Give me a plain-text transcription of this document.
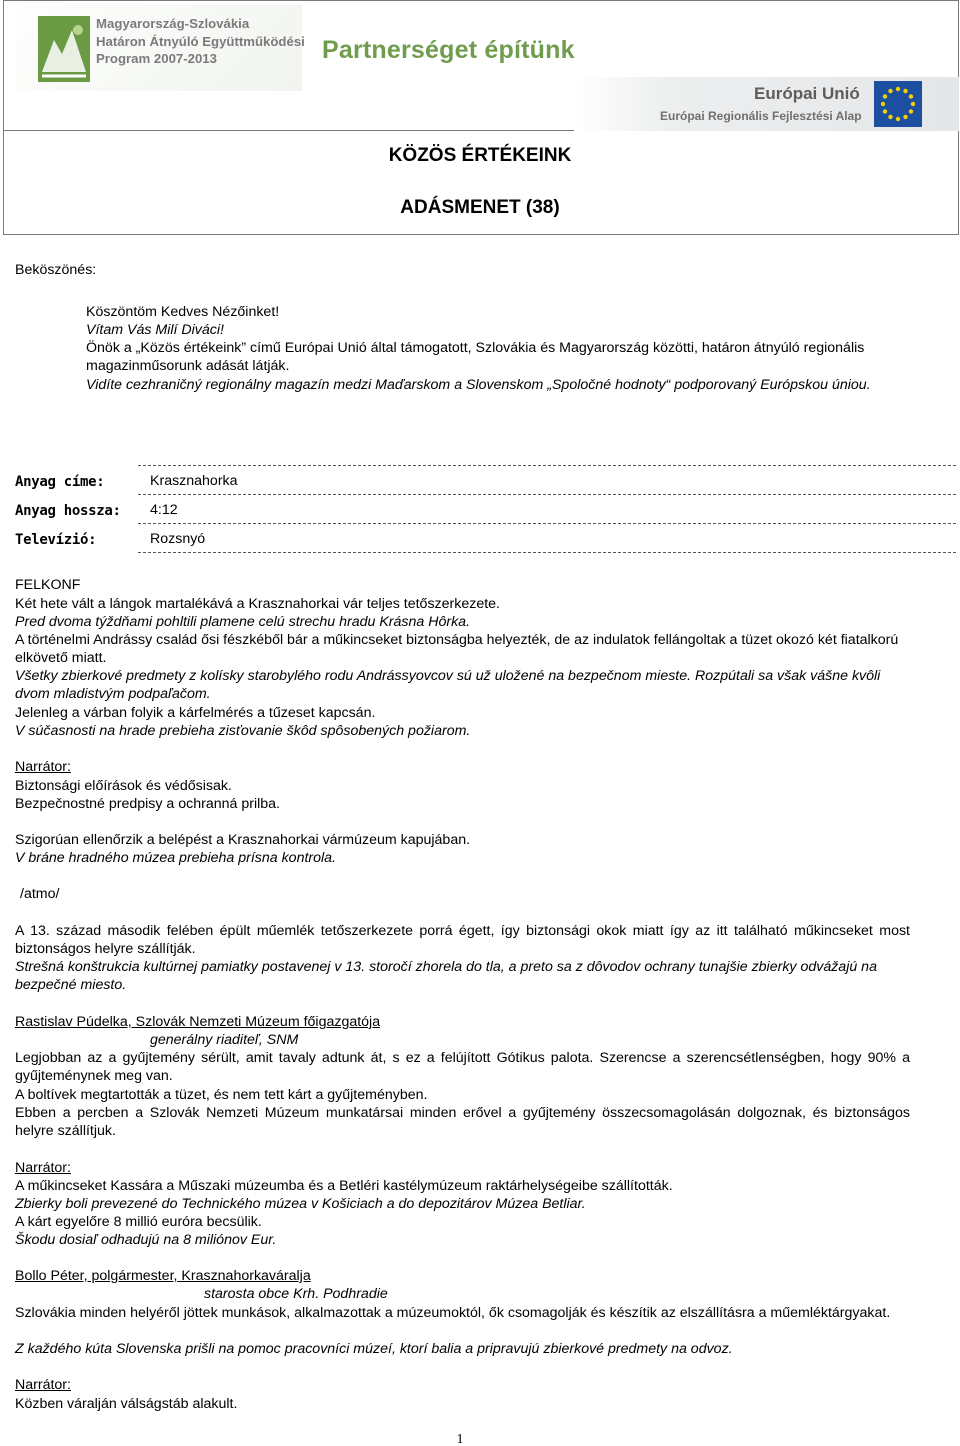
Magyarország-Szlovákia
Határon Átnyúló Együttműködési
Program 2007-2013	Partnerséget építünk
Európai Unió
Európai Regionális Fejlesztési Alap
KÖZÖS ÉRTÉKEINK
ADÁSMENET (38)
Beköszönés:
Köszöntöm Kedves Nézőinket!
Vítam Vás Milí Diváci!
Önök a „Közös értékeink” című Európai Unió által támogatott, Szlovákia és Magyarország közötti, határon átnyúló regionális magazinműsorunk adását látják.
Vidíte cezhraničný regionálny magazín medzi Maďarskom a Slovenskom „Spoločné hodnoty“ podporovaný Európskou úniou.
Anyag címe:	Krasznahorka
Anyag hossza: 4:12
Televízió:	Rozsnyó
FELKONF
Két hete vált a lángok martalékává a Krasznahorkai vár teljes tetőszerkezete.
Pred dvoma týždňami pohltili plamene celú strechu hradu Krásna Hôrka.
A történelmi Andrássy család ősi fészkéből bár a műkincseket biztonságba helyezték, de az indulatok fellángoltak a tüzet okozó két fiatalkorú elkövető miatt.
Všetky zbierkové predmety z kolísky starobylého rodu Andrássyovcov sú už uložené na bezpečnom mieste. Rozpútali sa však vášne kvôli dvom mladistvým podpaľačom.
Jelenleg a várban folyik a kárfelmérés a tűzeset kapcsán.
V súčasnosti na hrade prebieha zisťovanie škôd spôsobených požiarom.
Narrátor:
Biztonsági előírások és védősisak.
Bezpečnostné predpisy a ochranná prilba.
Szigorúan ellenőrzik a belépést a Krasznahorkai vármúzeum kapujában.
V bráne hradného múzea prebieha prísna kontrola.
/atmo/
A 13. század második felében épült műemlék tetőszerkezete porrá égett, így biztonsági okok miatt így az itt található műkincseket most biztonságos helyre szállítják.
Strešná konštrukcia kultúrnej pamiatky postavenej v 13. storočí zhorela do tla, a preto sa z dôvodov ochrany tunajšie zbierky odvážajú na bezpečné miesto.
Rastislav Púdelka, Szlovák Nemzeti Múzeum főigazgatója
generálny riaditeľ, SNM
Legjobban az a gyűjtemény sérült, amit tavaly adtunk át, s ez a felújított Gótikus palota. Szerencse a szerencsétlenségben, hogy 90% a gyűjteménynek meg van.
A boltívek megtartották a tüzet, és nem tett kárt a gyűjteményben.
Ebben a percben a Szlovák Nemzeti Múzeum munkatársai minden erővel a gyűjtemény összecsomagolásán dolgoznak, és biztonságos helyre szállítjuk.
Narrátor:
A műkincseket Kassára a Műszaki múzeumba és a Betléri kastélymúzeum raktárhelységeibe szállították.
Zbierky boli prevezené do Technického múzea v Košiciach a do depozitárov Múzea Betliar.
A kárt egyelőre 8 millió euróra becsülik.
Škodu dosiaľ odhadujú na 8 miliónov Eur.
Bollo Péter, polgármester, Krasznahorkaváralja
starosta obce Krh. Podhradie
Szlovákia minden helyéről jöttek munkások, alkalmazottak a múzeumoktól, ők csomagolják és készítik az elszállításra a műemléktárgyakat.
Z každého kúta Slovenska prišli na pomoc pracovníci múzeí, ktorí balia a pripravujú zbierkové predmety na odvoz.
Narrátor:
Közben váralján válságstáb alakult.
1
